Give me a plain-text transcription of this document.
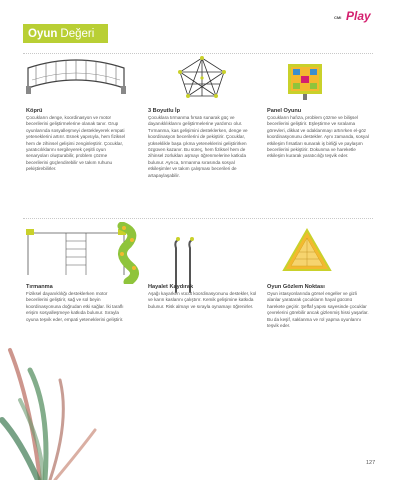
Oyun Değeri
CMI Play
Köprü
Çocukların denge, koordinasyon ve motor becerilerini geliştirmelerine olanak tanır. Grup oyunlarında sosyalleşmeyi destekleyerek empati yeteneklerini artırır. Esnek yapısıyla, hem fiziksel hem de zihinsel gelişimi zenginleştirir. Çocuklar, yaratıcılıklarını sergileyerek çeşitli oyun senaryoları oluşturabilir, problem çözme becerilerini güçlendirebilir ve takım ruhunu pekiştirebilirler.
3 Boyutlu İp
Çocuklara tırmanma fırsatı sunarak güç ve dayanıklılıklarını geliştirmelerine yardımcı olur. Tırmanma, kas gelişimini desteklerken, denge ve koordinasyon becerilerini de pekiştirir. Çocuklar, yükseklikle başa çıkma yeteneklerini geliştirirken özgüven kazanır. Bu süreç, hem fiziksel hem de zihinsel zorlukları aşmayı öğrenmelerine katkıda bulunur. Ayrıca, tırmanma sırasında sosyal etkileşimler ve takım çalışması becerileri de artapaylaşabilir.
Panel Oyunu
Çocukların hafıza, problem çözme ve bilişsel becerilerini geliştirir. Eşleştirme ve sıralama görevleri, dikkat ve odaklanmayı artırırken el-göz koordinasyonunu destekler. Aynı zamanda, sosyal etkileşim fırsatları sunarak iş birliği ve paylaşım becerilerini pekiştirir. Dokunma ve hareketle etkileşim kurarak yaratıcılığı teşvik eder.
Tırmanma
Fiziksel dayanıklılığı desteklerken motor becerilerini geliştirir, sağ ve sol beyin koordinasyonuna doğrudan etki sağlar. İki taraflı erişim sosyalleşmeye katkıda bulunur. Sırayla oyuna teşvik eder, empati yeteneklerini geliştirir.
Hayalet Kaydırak
Aşağı kayarken vücut koordinasyonunu destekler, kol ve karın kaslarını çalıştırır. Kemik gelişimine katkıda bulunur. Risk almayı ve sırayla oynamayı öğrenirler.
Oyun Gözlem Noktası
Oyun istasyonlarında görsel engeller ve gizli alanlar yaratarak çocukların hayal gücünü harekete geçirir. Şeffaf yapısı sayesinde çocuklar çevrelerini görebilir ancak gizlenmiş hissi yaşarlar. Bu da keşif, saklanma ve rol yapma oyunlarını teşvik eder.
127
